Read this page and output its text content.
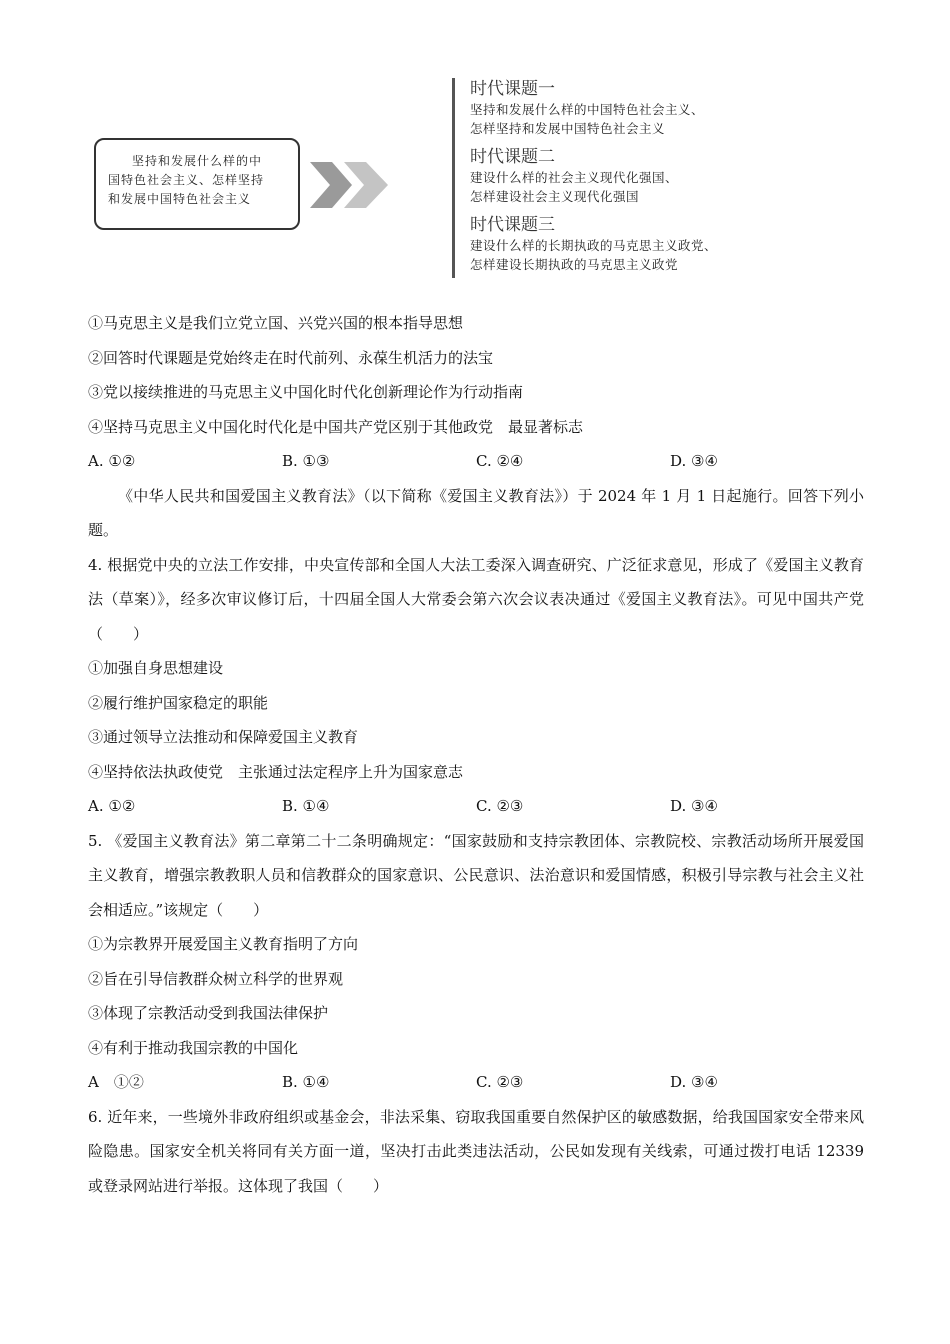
坚持和发展什么样的中

国特色社会主义、怎样坚持

和发展中国特色社会主义

时代课题一
坚持和发展什么样的中国特色社会主义、
怎样坚持和发展中国特色社会主义
时代课题二
建设什么样的社会主义现代化强国、
怎样建设社会主义现代化强国
时代课题三
建设什么样的长期执政的马克思主义政党、
怎样建设长期执政的马克思主义政党
①马克思主义是我们立党立国、兴党兴国的根本指导思想
②回答时代课题是党始终走在时代前列、永葆生机活力的法宝
③党以接续推进的马克思主义中国化时代化创新理论作为行动指南
④坚持马克思主义中国化时代化是中国共产党区别于其他政党　最显著标志
A. ①②	B. ①③	C. ②④	D. ③④

《中华人民共和国爱国主义教育法》（以下简称《爱国主义教育法》）于 2024 年 1 月 1 日起施行。回答下列小题。

4. 根据党中央的立法工作安排，中央宣传部和全国人大法工委深入调查研究、广泛征求意见，形成了《爱国主义教育法（草案）》，经多次审议修订后，十四届全国人大常委会第六次会议表决通过《爱国主义教育法》。可见中国共产党（　　）

①加强自身思想建设
②履行维护国家稳定的职能
③通过领导立法推动和保障爱国主义教育
④坚持依法执政使党　主张通过法定程序上升为国家意志
A. ①②	B. ①④	C. ②③	D. ③④

5. 《爱国主义教育法》第二章第二十二条明确规定：“国家鼓励和支持宗教团体、宗教院校、宗教活动场所开展爱国主义教育，增强宗教教职人员和信教群众的国家意识、公民意识、法治意识和爱国情感，积极引导宗教与社会主义社会相适应。”该规定（　　）

①为宗教界开展爱国主义教育指明了方向
②旨在引导信教群众树立科学的世界观
③体现了宗教活动受到我国法律保护
④有利于推动我国宗教的中国化
A　①②	B. ①④	C. ②③	D. ③④

6. 近年来，一些境外非政府组织或基金会，非法采集、窃取我国重要自然保护区的敏感数据，给我国国家安全带来风险隐患。国家安全机关将同有关方面一道，坚决打击此类违法活动，公民如发现有关线索，可通过拨打电话 12339 或登录网站进行举报。这体现了我国（　　）
